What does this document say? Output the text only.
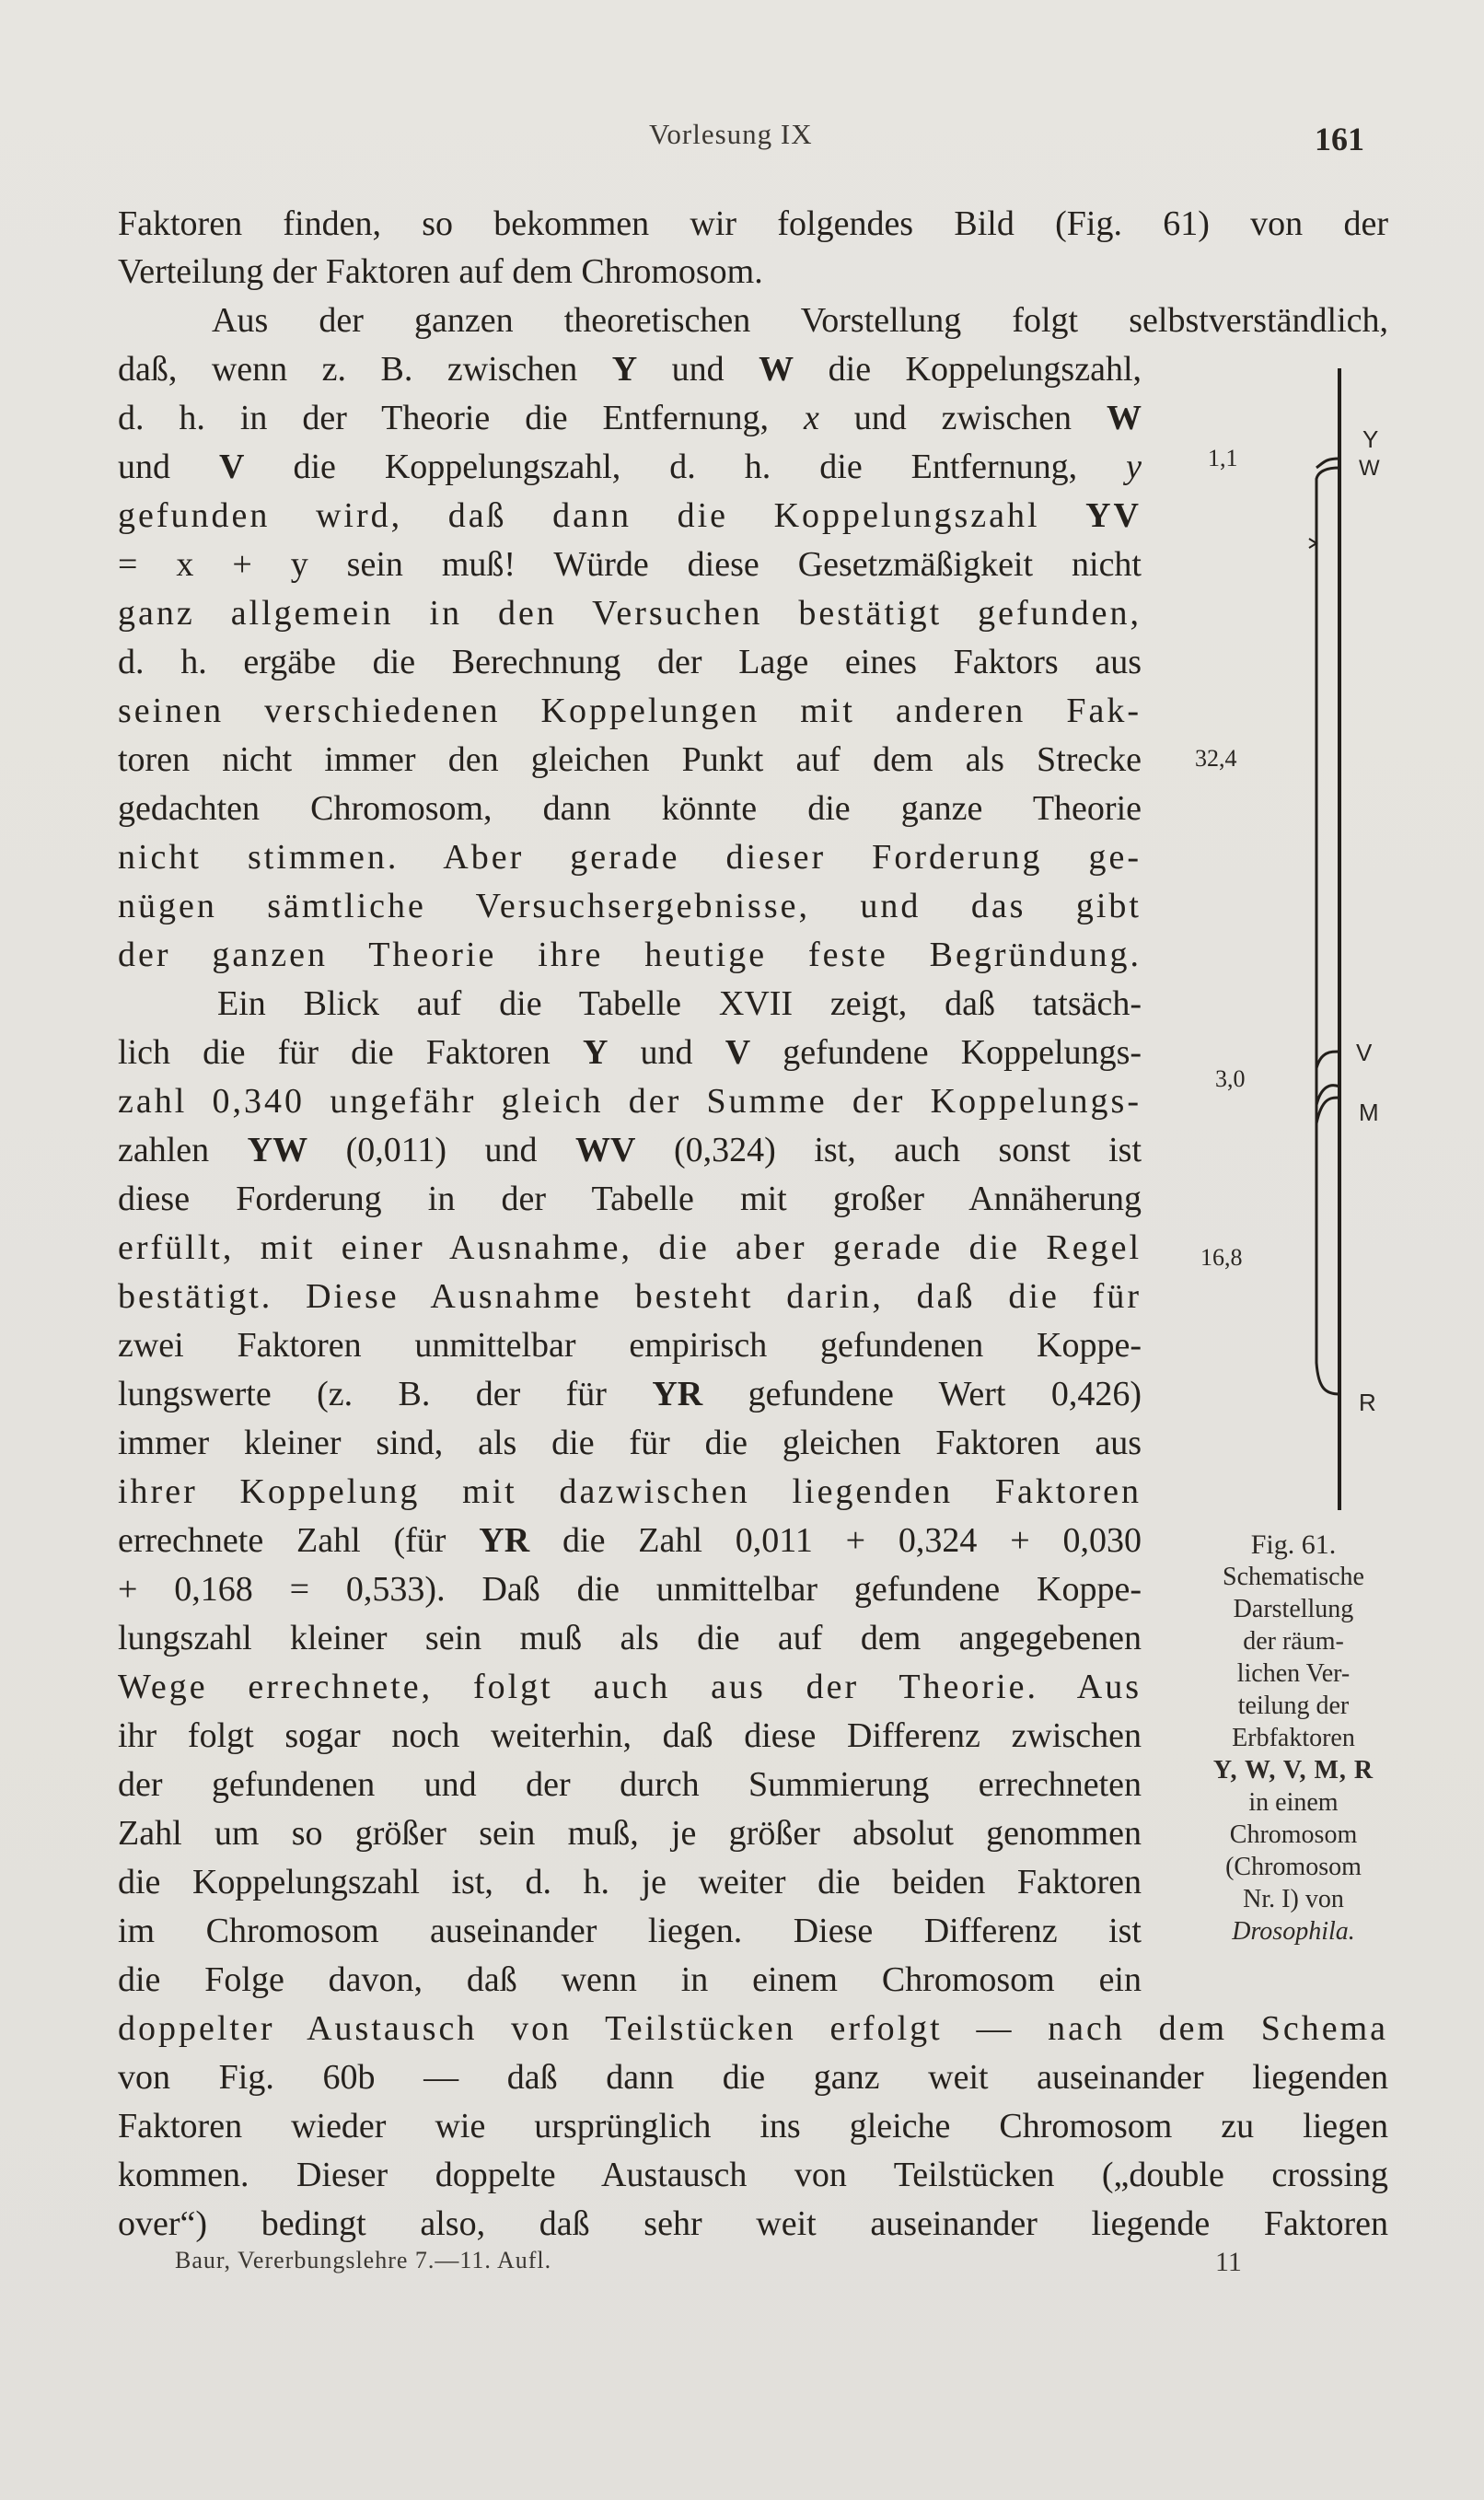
Vorlesung IX	161
Faktoren finden, so bekommen wir folgendes Bild (Fig. 61) von der
Verteilung der Faktoren auf dem Chromosom.
Aus der ganzen theoretischen Vorstellung folgt selbstverständlich,
daß, wenn z. B. zwischen Y und W die Koppelungszahl,
d. h. in der Theorie die Entfernung, x und zwischen W
und V die Koppelungszahl, d. h. die Entfernung, y
gefunden wird, daß dann die Koppelungszahl YV
= x + y sein muß! Würde diese Gesetzmäßigkeit nicht
ganz allgemein in den Versuchen bestätigt gefunden,
d. h. ergäbe die Berechnung der Lage eines Faktors aus
seinen verschiedenen Koppelungen mit anderen Fak-
toren nicht immer den gleichen Punkt auf dem als Strecke
gedachten Chromosom, dann könnte die ganze Theorie
nicht stimmen. Aber gerade dieser Forderung ge-
nügen sämtliche Versuchsergebnisse, und das gibt
der ganzen Theorie ihre heutige feste Begründung.
Ein Blick auf die Tabelle XVII zeigt, daß tatsäch-
lich die für die Faktoren Y und V gefundene Koppelungs-
zahl 0,340 ungefähr gleich der Summe der Koppelungs-
zahlen YW (0,011) und WV (0,324) ist, auch sonst ist
diese Forderung in der Tabelle mit großer Annäherung
erfüllt, mit einer Ausnahme, die aber gerade die Regel
bestätigt. Diese Ausnahme besteht darin, daß die für
zwei Faktoren unmittelbar empirisch gefundenen Koppe-
lungswerte (z. B. der für YR gefundene Wert 0,426)
immer kleiner sind, als die für die gleichen Faktoren aus
ihrer Koppelung mit dazwischen liegenden Faktoren
errechnete Zahl (für YR die Zahl 0,011 + 0,324 + 0,030
+ 0,168 = 0,533). Daß die unmittelbar gefundene Koppe-
lungszahl kleiner sein muß als die auf dem angegebenen
Wege errechnete, folgt auch aus der Theorie. Aus
ihr folgt sogar noch weiterhin, daß diese Differenz zwischen
der gefundenen und der durch Summierung errechneten
Zahl um so größer sein muß, je größer absolut genommen
die Koppelungszahl ist, d. h. je weiter die beiden Faktoren
im Chromosom auseinander liegen. Diese Differenz ist
die Folge davon, daß wenn in einem Chromosom ein
doppelter Austausch von Teilstücken erfolgt — nach dem Schema
von Fig. 60b — daß dann die ganz weit auseinander liegenden
Faktoren wieder wie ursprünglich ins gleiche Chromosom zu liegen
kommen. Dieser doppelte Austausch von Teilstücken („double crossing
over“) bedingt also, daß sehr weit auseinander liegende Faktoren
1,1
32,4
3,0
16,8
Y
W
V
M
R
Fig. 61.
Schematische
Darstellung
der räum-
lichen Ver-
teilung der
Erbfaktoren
Y, W, V, M, R
in einem
Chromosom
(Chromosom
Nr. I) von
Drosophila.
Baur, Vererbungslehre 7.—11. Aufl.	11
